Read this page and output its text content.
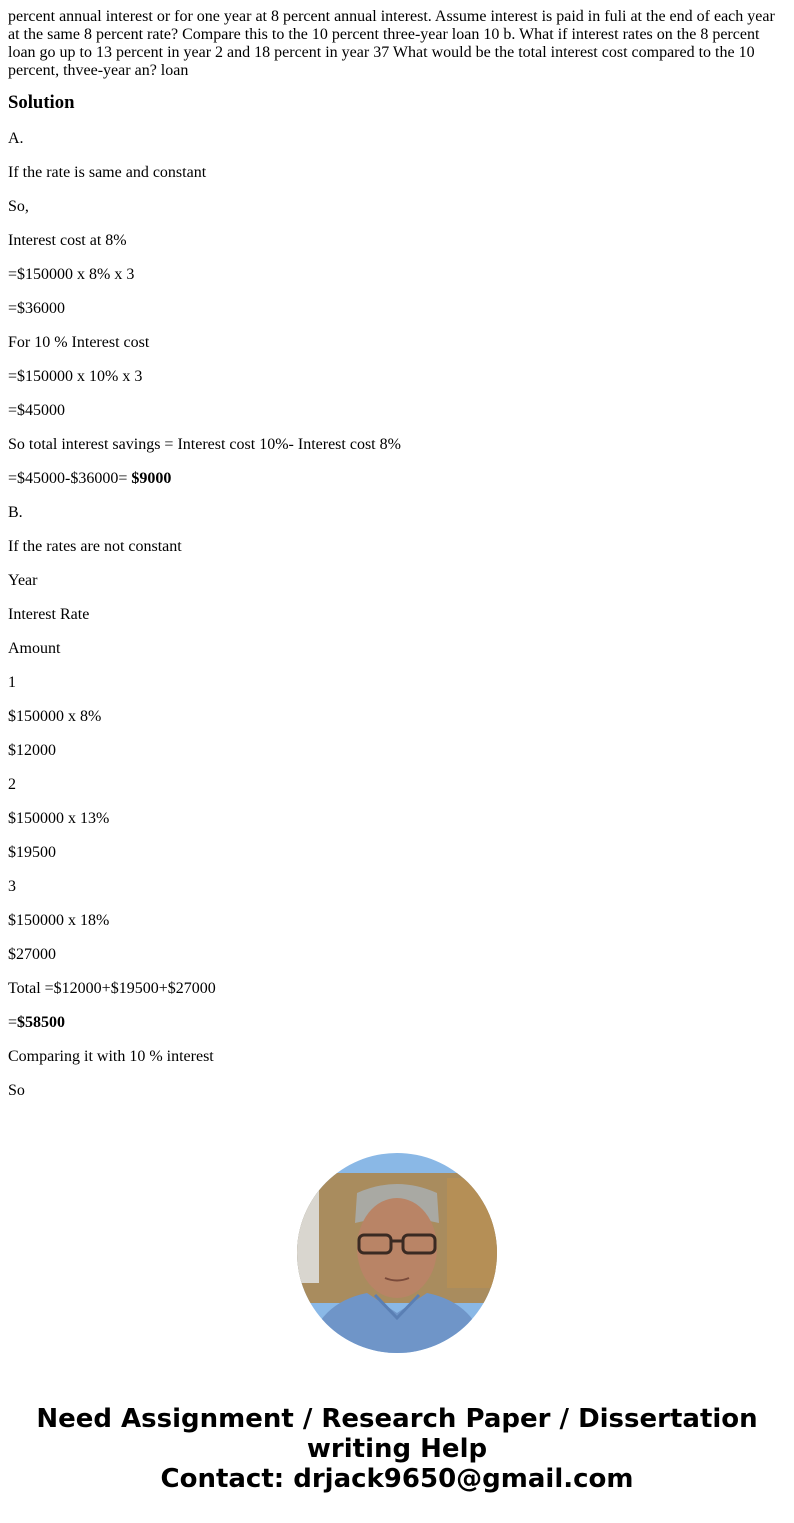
percent annual interest or for one year at 8 percent annual interest. Assume interest is paid in fuli at the end of each year at the same 8 percent rate? Compare this to the 10 percent three-year loan 10 b. What if interest rates on the 8 percent loan go up to 13 percent in year 2 and 18 percent in year 37 What would be the total interest cost compared to the 10 percent, thvee-year an? loan

Solution

A.

If the rate is same and constant

So,

Interest cost at 8%

=$150000 x 8% x 3

=$36000

For 10 % Interest cost

=$150000 x 10% x 3

=$45000

So total interest savings = Interest cost 10%- Interest cost 8%

=$45000-$36000= $9000

B.

If the rates are not constant

Year

Interest Rate

Amount

1

$150000 x 8%

$12000

2

$150000 x 13%

$19500

3

$150000 x 18%

$27000

Total =$12000+$19500+$27000

=$58500

Comparing it with 10 % interest

So

Need Assignment / Research Paper / Dissertation
writing Help
Contact: drjack9650@gmail.com
